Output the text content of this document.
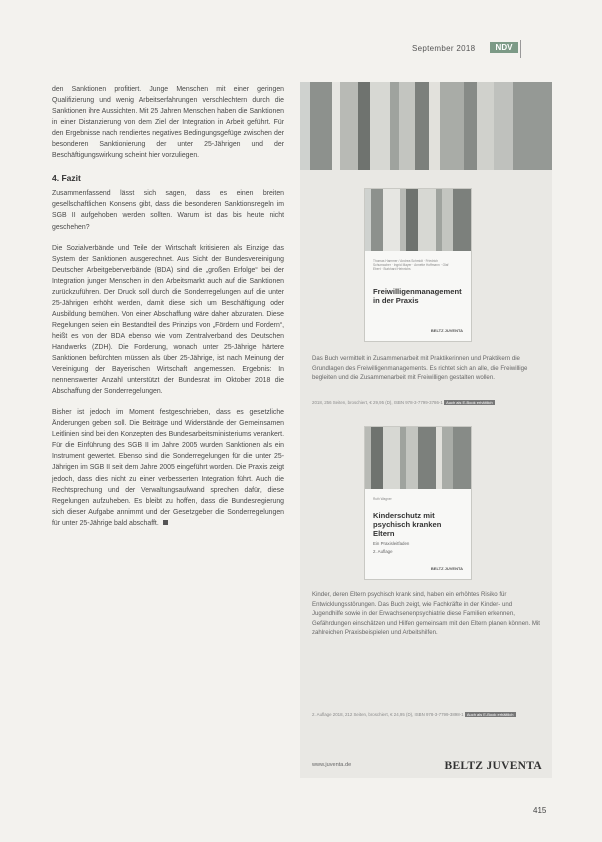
September 2018	NDV

den Sanktionen profitiert. Junge Menschen mit einer geringen Qualifizierung und wenig Arbeitserfahrungen verschlechtern durch die Sanktionen ihre Aussichten. Mit 25 Jahren Menschen haben die Sanktionen in einer Distanzierung von dem Ziel der Integration in Arbeit geführt. Für den Ergebnisse nach rendiertes negatives Bedingungsgefüge zwischen der besonderen Sanktionierung der unter 25-Jährigen und der Beschäftigungswirkung scheint hier vorzuliegen.

4. Fazit

Zusammenfassend lässt sich sagen, dass es einen breiten gesellschaftlichen Konsens gibt, dass die besonderen Sanktionsregeln im SGB II aufgehoben werden sollten. Warum ist das bis heute nicht geschehen?

Die Sozialverbände und Teile der Wirtschaft kritisieren als Einzige das System der Sanktionen ausgerechnet. Aus Sicht der Bundesvereinigung Deutscher Arbeitgeberverbände (BDA) sind die „großen Erfolge“ bei der Integration junger Menschen in den Arbeitsmarkt auch auf die Sanktionen zurückzuführen. Der Druck soll durch die Sonderregelungen auf die unter 25-Jährigen erhöht werden, damit diese sich um Beschäftigung oder Ausbildung bemühen. Von einer Abschaffung wäre daher abzuraten. Diese Regelungen seien ein Bestandteil des Prinzips von „Fördern und Fordern“, heißt es von der BDA ebenso wie vom Zentralverband des Deutschen Handwerks (ZDH). Die Forderung, wonach unter 25-Jährige härtere Sanktionen befürchten müssen als über 25-Jährige, ist nach Meinung der Vereinigung der Bayerischen Wirtschaft angemessen. Ergebnis: In nennenswerter Anzahl unterstützt der Bundesrat im Oktober 2018 die Abschaffung der Sonderregelungen.

Bisher ist jedoch im Moment festgeschrieben, dass es gesetzliche Änderungen geben soll. Die Beiträge und Widerstände der Gemeinsamen Leitlinien sind bei den Konzepten des Bundesarbeitsministeriums verankert. Für die Einführung des SGB II im Jahre 2005 wurden Sanktionen als ein Instrument gewertet. Ebenso sind die Sonderregelungen für die unter 25-Jährigen im SGB II seit dem Jahre 2005 eingeführt worden. Die Praxis zeigt jedoch, dass dies nicht zu einer verbesserten Integration führt. Auch die Rechtsprechung und der Verwaltungsaufwand sprechen dafür, diese Regelungen aufzuheben. Es bleibt zu hoffen, dass die Bundesregierung sich dieser Aufgabe annimmt und der Gesetzgeber die Sonderregelungen für unter 25-Jährige bald abschafft.

Thomas Hammer / Andrea Schmidt · Friedrich Schumacher · Ingrid Mayer · Annette Hoffmann · Olaf Ebert · Burkhard Heinrichs
Freiwilligenmanagement in der Praxis
BELTZ JUVENTA
Das Buch vermittelt in Zusammenarbeit mit Praktikerinnen und Praktikern die Grundlagen des Freiwilligenmanagements. Es richtet sich an alle, die Freiwillige begleiten und die Zusammenarbeit mit Freiwilligen gestalten wollen.
2018, 256 Seiten, broschiert, € 29,95 (D), ISBN 978-3-7799-3786-1 Auch als E-Book erhältlich
Ruth Wagner
Kinderschutz mit psychisch kranken Eltern
Ein Praxisleitfaden
2. Auflage
BELTZ JUVENTA
Kinder, deren Eltern psychisch krank sind, haben ein erhöhtes Risiko für Entwicklungsstörungen. Das Buch zeigt, wie Fachkräfte in der Kinder- und Jugendhilfe sowie in der Erwachsenenpsychiatrie diese Familien erkennen, Gefährdungen einschätzen und Hilfen gemeinsam mit den Eltern planen können. Mit zahlreichen Praxisbeispielen und Arbeitshilfen.
2. Auflage 2018, 212 Seiten, broschiert, € 24,95 (D), ISBN 978-3-7799-3898-1 Auch als E-Book erhältlich
www.juventa.de	BELTZ JUVENTA
415
